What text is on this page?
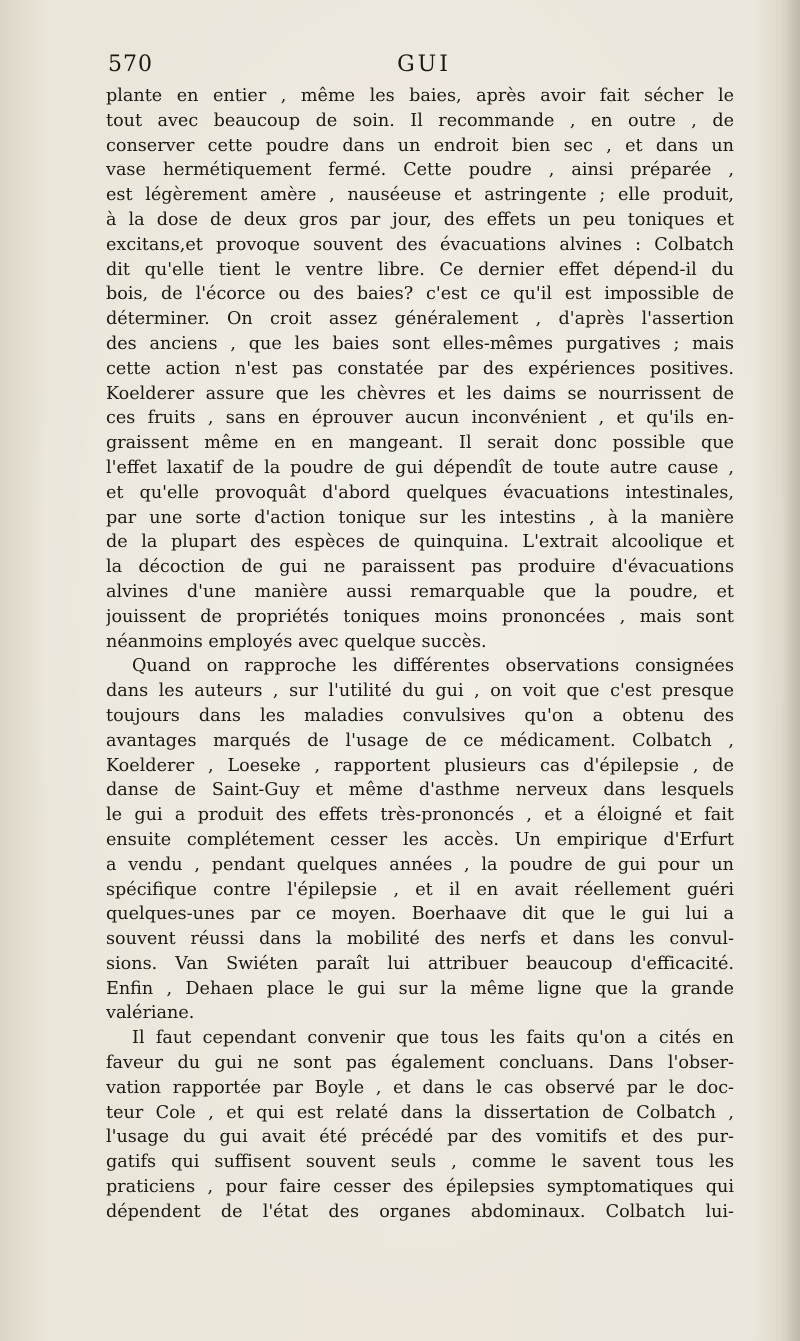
570	GUI
plante en entier , même les baies, après avoir fait sécher le
tout avec beaucoup de soin. Il recommande , en outre , de
conserver cette poudre dans un endroit bien sec , et dans un
vase hermétiquement fermé. Cette poudre , ainsi préparée ,
est légèrement amère , nauséeuse et astringente ; elle produit,
à la dose de deux gros par jour, des effets un peu toniques et
excitans,et provoque souvent des évacuations alvines : Colbatch
dit qu'elle tient le ventre libre. Ce dernier effet dépend-il du
bois, de l'écorce ou des baies? c'est ce qu'il est impossible de
déterminer. On croit assez généralement , d'après l'assertion
des anciens , que les baies sont elles-mêmes purgatives ; mais
cette action n'est pas constatée par des expériences positives.
Koelderer assure que les chèvres et les daims se nourrissent de
ces fruits , sans en éprouver aucun inconvénient , et qu'ils en-
graissent même en en mangeant. Il serait donc possible que
l'effet laxatif de la poudre de gui dépendît de toute autre cause ,
et qu'elle provoquât d'abord quelques évacuations intestinales,
par une sorte d'action tonique sur les intestins , à la manière
de la plupart des espèces de quinquina. L'extrait alcoolique et
la décoction de gui ne paraissent pas produire d'évacuations
alvines d'une manière aussi remarquable que la poudre, et
jouissent de propriétés toniques moins prononcées , mais sont
néanmoins employés avec quelque succès.
Quand on rapproche les différentes observations consignées
dans les auteurs , sur l'utilité du gui , on voit que c'est presque
toujours dans les maladies convulsives qu'on a obtenu des
avantages marqués de l'usage de ce médicament. Colbatch ,
Koelderer , Loeseke , rapportent plusieurs cas d'épilepsie , de
danse de Saint-Guy et même d'asthme nerveux dans lesquels
le gui a produit des effets très-prononcés , et a éloigné et fait
ensuite complétement cesser les accès. Un empirique d'Erfurt
a vendu , pendant quelques années , la poudre de gui pour un
spécifique contre l'épilepsie , et il en avait réellement guéri
quelques-unes par ce moyen. Boerhaave dit que le gui lui a
souvent réussi dans la mobilité des nerfs et dans les convul-
sions. Van Swiéten paraît lui attribuer beaucoup d'efficacité.
Enfin , Dehaen place le gui sur la même ligne que la grande
valériane.
Il faut cependant convenir que tous les faits qu'on a cités en
faveur du gui ne sont pas également concluans. Dans l'obser-
vation rapportée par Boyle , et dans le cas observé par le doc-
teur Cole , et qui est relaté dans la dissertation de Colbatch ,
l'usage du gui avait été précédé par des vomitifs et des pur-
gatifs qui suffisent souvent seuls , comme le savent tous les
praticiens , pour faire cesser des épilepsies symptomatiques qui
dépendent de l'état des organes abdominaux. Colbatch lui-
